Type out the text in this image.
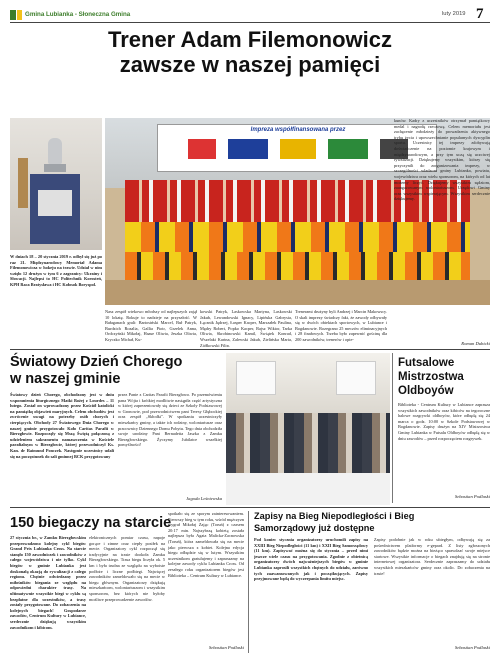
Gmina Lubianka - Słoneczna Gmina	luty 2019 7
Trener Adam Filemonowicz
zawsze w naszej pamięci
Impreza współfinansowana przez
W dniach 18 – 20 stycznia 2019 r. odbył się już po raz 21. Międzynarodowy Memoriał Adama Filemonowicza w hokeju na trawie. Udział w nim wzięło 12 drużyn w tym 6 z zagranicy: Ukrainy i Słowacji. Najlepsi to HC Politechnik Korosteń, KPH Raca Bratysława i HC Kołosok Boryspol.
Nasz zespół wiekowo młodszy od najlepszych zajął 10 lokatę. Rokuje to nadzieje na przyszłość. W Bałaganach grali: Bartosiński Marcel, Buł Patryk, Burdzich Rozalia, Gallia Piotr, Grzelek Anna, Ordczyński Mikołaj, Haase Oliwia, Jeszka Oliwia, Kryczko Michał, Ku-
kowski Patryk, Laskowska Martyna, Laskowski Jakub, Lewandowski Ignacy, Lipińska Gabrysia, Łącznik Jędrzej, Łasper Kacper, Marszałek Paulina, Mędry Robert, Popko Kacper, Rajsz Wiktor, Tarka Oliwia, Skrobinowski Kamil, Świątek Konrad, Wszelaki Karina, Zalewski Jakub, Zielińska Maria, Ziółkowski Filip.
Trenerami drużyny byli Andrzej i Marcin Makowscy. O skali imprezy świadczy fakt, że zawody odbywały się w dwóch obiektach sportowych, w Lubiance i Bogdanowie. Rozegrano 25 meczów eliminacyjnych i 28 finałowych. Trzeba było zapewnić gościnę dla 200 zawodników, trenerów i opie-
kunów. Kadry z uczestników otrzymał pamiątkowy medal i nagrodę rzeczową. Celem memoriału jest zachęcenie młodzieży do prowadzenia aktywnego trybu życia i upowszechnianie popularnych dyscyplin sportu. Uczestnicy tej imprezy zdobywają doświadczenie na poziomie krajowym i międzynarodowym, a przy tym uczą się uczciwej rywalizacji. Dziękujemy wszystkim, którzy się przyczynili do zorganizowania imprezy, w szczególności władzom gminy Lubianka, powiatu, województwa oraz wielu sponsorom, na których od lat możemy liczyć. Dziękujemy wszystkim sędziom, zaangażowanym wolontariuszom, Urzędowi Gminy oraz wszystkim wspierającym. Wszystkim serdecznie dziękujemy.
Roman Dubicki
Światowy Dzień Chorego
w naszej gminie
Światowy dzień Chorego, obchodzony jest w dniu wspomnienia liturgicznego Matki Bożej z Lourdes – 11 lutego. Został on wprowadzony przez Kościół katolicki na pamiątkę objawień maryjnych. Celem obchodów jest zwrócenie uwagi na potrzeby osób chorych i cierpiących. Obchody 27 Światowego Dnia Chorego w naszej gminie przygotowało Koło Caritas Parafii w Bierzgłowie. Rozpoczęły się Mszą Świętą połączoną z udzieleniem sakramentu namaszczenia w Kościele parafialnym w Bierzgłowie, której przewodniczył Ks. Kan. dr Raimund Ponczek. Następnie uczestnicy udali się na poczęstunek do sali gminnej BCK przygotowany
przez Panie z Caritas Parafii Bierzgłowo. Po przemówieniu pana Wójta i krótkiej modlitwie nastąpiła część artystyczna w której zaprezentowały się dzieci ze Szkoły Podstawowej w Gronowie, pod przewodnictwem pani Teresy Głębockiej oraz zespół „Skłodki". W spotkaniu uczestniczyły mieszkańcy gminy, a także ich rodziny, wolontariusze oraz pracownicy Dziennego Domu Pobytu. Tego dnia obchodziła swoje urodziny Pani Bernadetta Jaszka z Zamku Bierzgłowskiego. Życzymy Jubilatce wszelkiej pomyślności!
Jagoda Leśniewska
Futsalowe
Mistrzostwa
Oldboyów
Biblioteka - Centrum Kultury w Lubiance zaprasza wszystkich zawodników oraz kibiców na tegoroczne halowe rozgrywki oldboyów, które odbędą się 24 marca o godz. 10:00 w Szkole Podstawowej w Bogdanowie. Zapisy drużyn na XIV Mistrzostwa Gminy Lubianka w Futsalu Oldboyów odbędą się w dniu zawodów – przed rozpoczęciem rozgrywek.
Sebastian Podlaski
150 biegaczy na starcie
27 stycznia br., w Zamku Bierzgłowskim przeprowadzono kolejny cykl biegów Grand Prix Lubianka Cross. Na starcie stanęło 150 zawodniczek i zawodników z całego województwa i nie tylko. Cykl biegów w gminie Lubianka jest doskonałą okazją do rywalizacji z całego regionu. Chętnie odwiedzany przez miłośników biegania ze względu na odpowiedni charakter trasy. Na ultimatywnie wszystkie biegi w cyklu są bezpłatne dla uczestników, a trasy zostały przygotowane. Do zobaczenia na kolejnych biegach! Gospodarze zawodów, Centrum Kultury w Lubiance, serdecznie dziękują wszystkim zawodnikom i kibicom.
elektronicznych pomiar czasu, napoje gorące i zimne oraz ciepły posiłek na mecie. Organizatory cykl rozpoczął się tradycyjnie na trasie dookoła Zamku Bierzgłowskiego. Trasa biegu liczyła ok. 5 km i była trudna ze względu na wyboiste podłoże i liczne podbiegi. Najwięcej zawodników zameldowało się na mecie w biegu głównym. Organizatorzy dziękują mieszkańcom, wolontariuszom i wszystkim sponsorom, bez których nie byłoby możliwe przeprowadzenie zawodów.
spotkało się ze sporym zainteresowaniem. Pierwszy bieg w tym roku, wśród mężczyzn wygrał Mikołaj Zając (Toruń) z czasem 20:17 min. Najszybszą kobietą została najlepsza była Agata Malicka-Zacnowska (Toruń), która zameldowała się na mecie jako pierwsza z kobiet. Kolejna edycja biegu odbędzie się w lutym. Wszystkim uczestnikom gratulujemy i zapraszamy na kolejne zawody cyklu Lubianka Cross. Od zeszłego roku organizatorem biegów jest Biblioteka – Centrum Kultury w Lubiance.
Sebastian Podlaski
Zapisy na Bieg Niepodległości i Bieg
Samorządowy już dostępne
Pod koniec stycznia organizatorzy uruchomili zapisy na XXIII Bieg Niepodległości (11 km) i XXII Bieg Samorządowy (11 km). Zapisywać można się do stycznia – przed nimi jeszcze wiele czasu na przygotowania. Zgodnie z obietnicą organizatorzy dwóch najważniejszych biegów w gminie Lubianka zaprosili wszystkich chętnych do udziału, zarówno tych zaawansowanych jak i początkujących. Zapisy przyjmowane będą do wyczerpania limitu miejsc.
Zapisy podobnie jak w roku ubiegłym, odbywają się za pośrednictwem platformy e-gepard. Z listy zgłoszonych zawodników będzie można na bieżąco sprawdzać swoje miejsce startowe. Wszystkie informacje o biegach znajdują się na stronie internetowej organizatora. Serdecznie zapraszamy do udziału wszystkich mieszkańców gminy oraz okolic. Do zobaczenia na trasie!
Sebastian Podlaski
